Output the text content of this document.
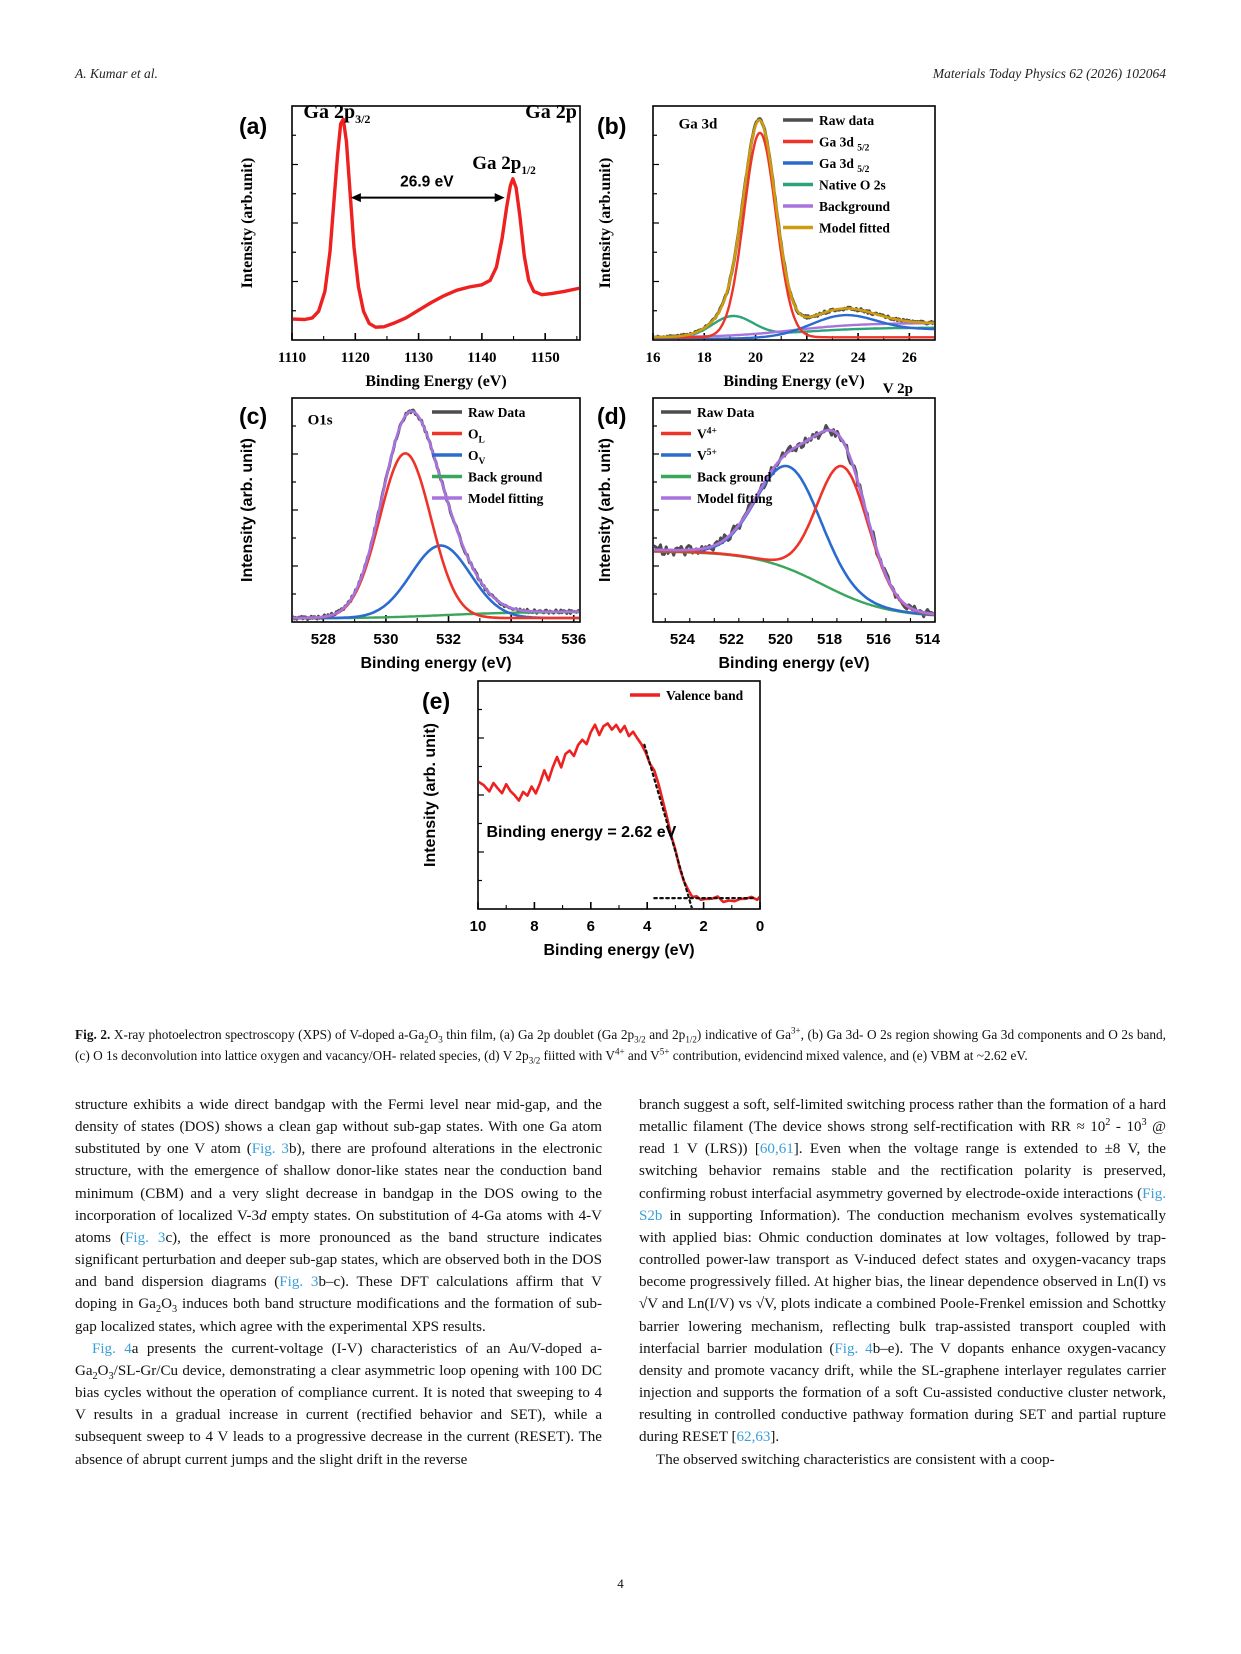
A. Kumar et al.	Materials Today Physics 62 (2026) 102064
(a)
1110 1120 1130 1140 1150
Ga $2p_{3/2}$	Ga 2p
Ga $2p_{1/2}$
26.9 eV
Binding Energy (eV)
Intensity (arb.unit)
(b)
16 18 20 22 24 26
Ga 3d	Raw data
Ga 3d $_{5/2}$
Ga 3d $_{5/2}$
Native O 2s
Background
Model fitted
Binding Energy (eV)
Intensity (arb.unit)
(c)
528	530	532	534	536
O1s	Raw Data
$O_L$
$O_V$
Back ground
Model fitting
Binding energy (eV)
Intensity (arb. unit)
(d)
524 522 520 518 516 514
V 2p
Raw Data
$V^{4+}$
$V^{5+}$
Back ground
Model fitting
Binding energy (eV)
Intensity (arb. unit)
(e)
10	8	6	4	2	0
Binding energy = 2.62 eV
Valence band
Binding energy (eV)
Intensity (arb. unit)

Fig. 2. X-ray photoelectron spectroscopy (XPS) of V-doped $a-Ga_2O_3$ thin film, (a) Ga 2p doublet (Ga $2p_{3/2}$ and $2p_{1/2}$) indicative of $Ga^{3+}$, (b) Ga 3d- O 2s region showing Ga 3d components and O 2s band, (c) O 1s deconvolution into lattice oxygen and vacancy/OH- related species, (d) V $2p_{3/2}$ fiitted with $V^{4+}$ and $V^{5+}$ contribution, evidencind mixed valence, and (e) VBM at ~2.62 eV.

structure exhibits a wide direct bandgap with the Fermi level near mid-gap, and the density of states (DOS) shows a clean gap without sub-gap states. With one Ga atom substituted by one V atom (Fig. 3b), there are profound alterations in the electronic structure, with the emergence of shallow donor-like states near the conduction band minimum (CBM) and a very slight decrease in bandgap in the DOS owing to the incorporation of localized V-3d empty states. On substitution of 4-Ga atoms with 4-V atoms (Fig. 3c), the effect is more pronounced as the band structure indicates significant perturbation and deeper sub-gap states, which are observed both in the DOS and band dispersion diagrams (Fig. 3b–c). These DFT calculations affirm that V doping in $Ga_2O_3$ induces both band structure modifications and the formation of sub-gap localized states, which agree with the experimental XPS results.

Fig. 4a presents the current-voltage (I-V) characteristics of an Au/V-doped $a-Ga_2O_3/SL-Gr/Cu$ device, demonstrating a clear asymmetric loop opening with 100 DC bias cycles without the operation of compliance current. It is noted that sweeping to 4 V results in a gradual increase in current (rectified behavior and SET), while a subsequent sweep to 4 V leads to a progressive decrease in the current (RESET). The absence of abrupt current jumps and the slight drift in the reverse

branch suggest a soft, self-limited switching process rather than the formation of a hard metallic filament (The device shows strong self-rectification with RR ≈ $10^2 - 10^3$ @ read 1 V (LRS)) [60,61]. Even when the voltage range is extended to ±8 V, the switching behavior remains stable and the rectification polarity is preserved, confirming robust interfacial asymmetry governed by electrode-oxide interactions (Fig. S2b in supporting Information). The conduction mechanism evolves systematically with applied bias: Ohmic conduction dominates at low voltages, followed by trap-controlled power-law transport as V-induced defect states and oxygen-vacancy traps become progressively filled. At higher bias, the linear dependence observed in Ln(I) vs √V and Ln(I/V) vs √V, plots indicate a combined Poole-Frenkel emission and Schottky barrier lowering mechanism, reflecting bulk trap-assisted transport coupled with interfacial barrier modulation (Fig. 4b–e). The V dopants enhance oxygen-vacancy density and promote vacancy drift, while the SL-graphene interlayer regulates carrier injection and supports the formation of a soft Cu-assisted conductive cluster network, resulting in controlled conductive pathway formation during SET and partial rupture during RESET [62,63].

The observed switching characteristics are consistent with a coop-

4
